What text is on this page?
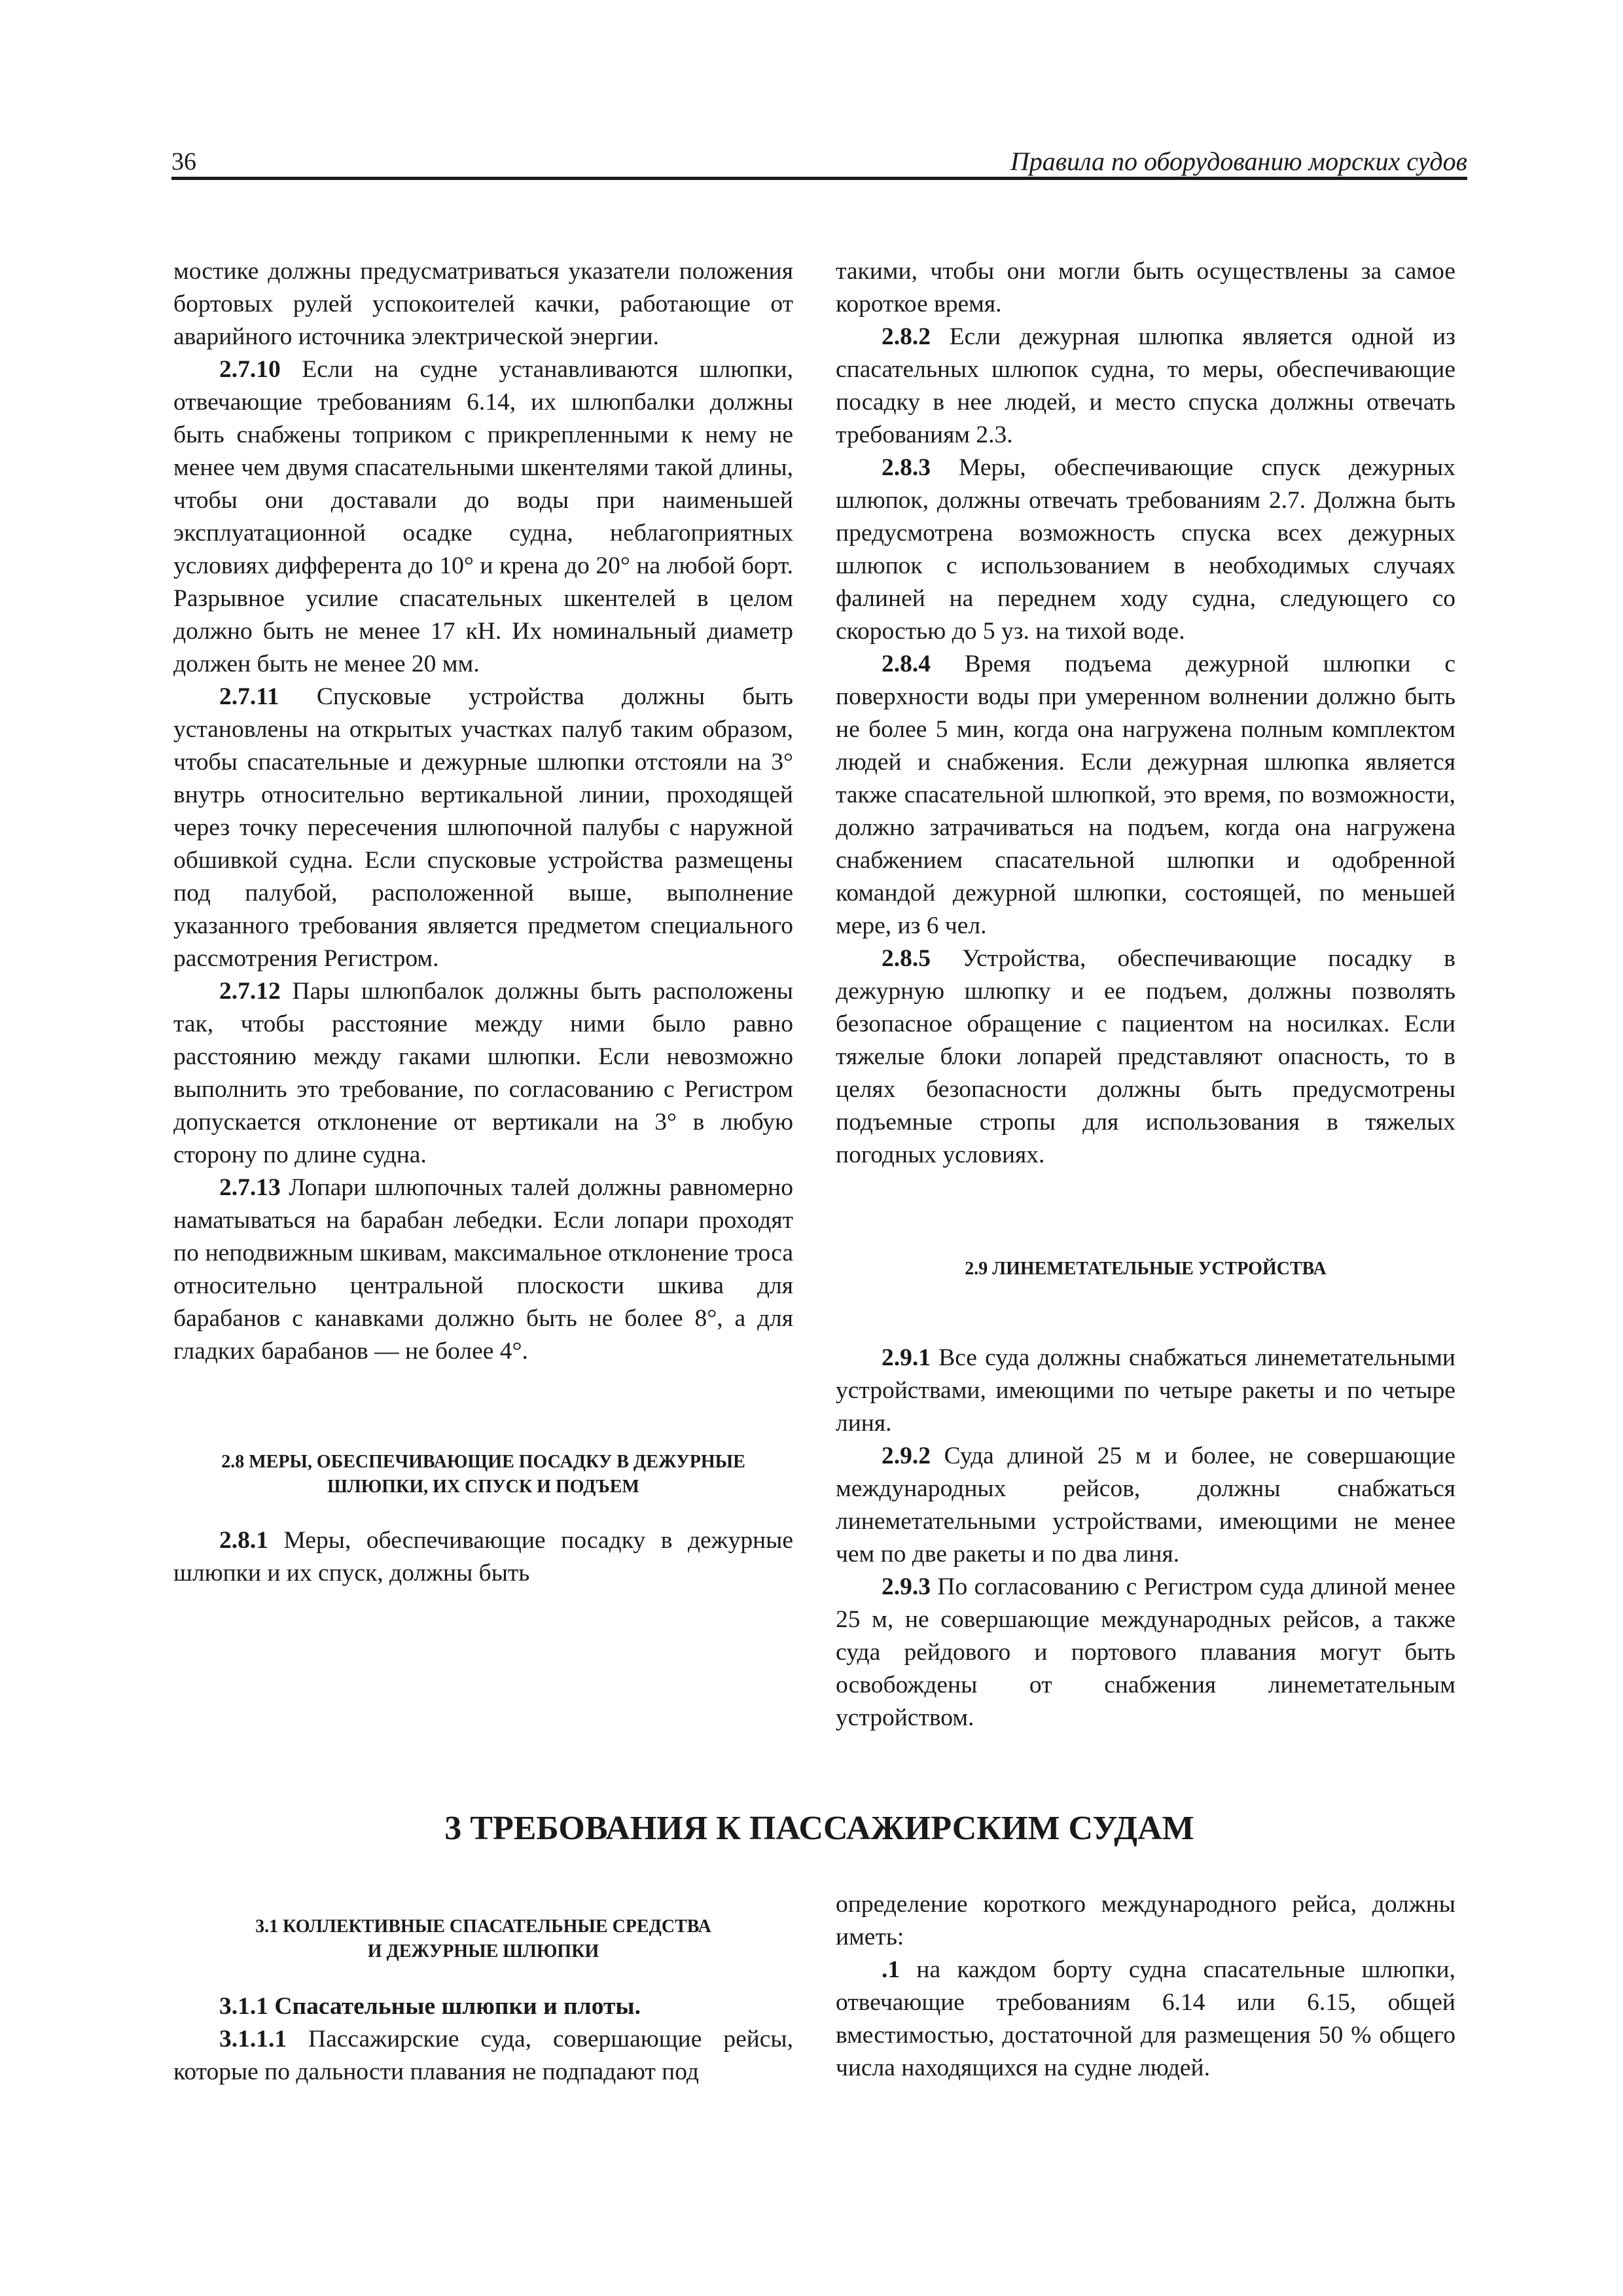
36	Правила по оборудованию морских судов

мостике должны предусматриваться указатели положения бортовых рулей успокоителей качки, работающие от аварийного источника электрической энергии.

2.7.10 Если на судне устанавливаются шлюпки, отвечающие требованиям 6.14, их шлюпбалки должны быть снабжены топриком с прикрепленными к нему не менее чем двумя спасательными шкентелями такой длины, чтобы они доставали до воды при наименьшей эксплуатационной осадке судна, неблагоприятных условиях дифферента до 10° и крена до 20° на любой борт. Разрывное усилие спасательных шкентелей в целом должно быть не менее 17 кН. Их номинальный диаметр должен быть не менее 20 мм.

2.7.11 Спусковые устройства должны быть установлены на открытых участках палуб таким образом, чтобы спасательные и дежурные шлюпки отстояли на 3° внутрь относительно вертикальной линии, проходящей через точку пересечения шлюпочной палубы с наружной обшивкой судна. Если спусковые устройства размещены под палубой, расположенной выше, выполнение указанного требования является предметом специального рассмотрения Регистром.

2.7.12 Пары шлюпбалок должны быть расположены так, чтобы расстояние между ними было равно расстоянию между гаками шлюпки. Если невозможно выполнить это требование, по согласованию с Регистром допускается отклонение от вертикали на 3° в любую сторону по длине судна.

2.7.13 Лопари шлюпочных талей должны равномерно наматываться на барабан лебедки. Если лопари проходят по неподвижным шкивам, максимальное отклонение троса относительно центральной плоскости шкива для барабанов с канавками должно быть не более 8°, а для гладких барабанов — не более 4°.

2.8 МЕРЫ, ОБЕСПЕЧИВАЮЩИЕ ПОСАДКУ В ДЕЖУРНЫЕ

ШЛЮПКИ, ИХ СПУСК И ПОДЪЕМ

2.8.1 Меры, обеспечивающие посадку в дежурные шлюпки и их спуск, должны быть

такими, чтобы они могли быть осуществлены за самое короткое время.

2.8.2 Если дежурная шлюпка является одной из спасательных шлюпок судна, то меры, обеспечивающие посадку в нее людей, и место спуска должны отвечать требованиям 2.3.

2.8.3 Меры, обеспечивающие спуск дежурных шлюпок, должны отвечать требованиям 2.7. Должна быть предусмотрена возможность спуска всех дежурных шлюпок с использованием в необходимых случаях фалиней на переднем ходу судна, следующего со скоростью до 5 уз. на тихой воде.

2.8.4 Время подъема дежурной шлюпки с поверхности воды при умеренном волнении должно быть не более 5 мин, когда она нагружена полным комплектом людей и снабжения. Если дежурная шлюпка является также спасательной шлюпкой, это время, по возможности, должно затрачиваться на подъем, когда она нагружена снабжением спасательной шлюпки и одобренной командой дежурной шлюпки, состоящей, по меньшей мере, из 6 чел.

2.8.5 Устройства, обеспечивающие посадку в дежурную шлюпку и ее подъем, должны позволять безопасное обращение с пациентом на носилках. Если тяжелые блоки лопарей представляют опасность, то в целях безопасности должны быть предусмотрены подъемные стропы для использования в тяжелых погодных условиях.

2.9 ЛИНЕМЕТАТЕЛЬНЫЕ УСТРОЙСТВА

2.9.1 Все суда должны снабжаться линеметательными устройствами, имеющими по четыре ракеты и по четыре линя.

2.9.2 Суда длиной 25 м и более, не совершающие международных рейсов, должны снабжаться линеметательными устройствами, имеющими не менее чем по две ракеты и по два линя.

2.9.3 По согласованию с Регистром суда длиной менее 25 м, не совершающие международных рейсов, а также суда рейдового и портового плавания могут быть освобождены от снабжения линеметательным устройством.

3 ТРЕБОВАНИЯ К ПАССАЖИРСКИМ СУДАМ

3.1 КОЛЛЕКТИВНЫЕ СПАСАТЕЛЬНЫЕ СРЕДСТВА

И ДЕЖУРНЫЕ ШЛЮПКИ

3.1.1 Спасательные шлюпки и плоты.

3.1.1.1 Пассажирские суда, совершающие рейсы, которые по дальности плавания не подпадают под

определение короткого международного рейса, должны иметь:

.1 на каждом борту судна спасательные шлюпки, отвечающие требованиям 6.14 или 6.15, общей вместимостью, достаточной для размещения 50 % общего числа находящихся на судне людей.
